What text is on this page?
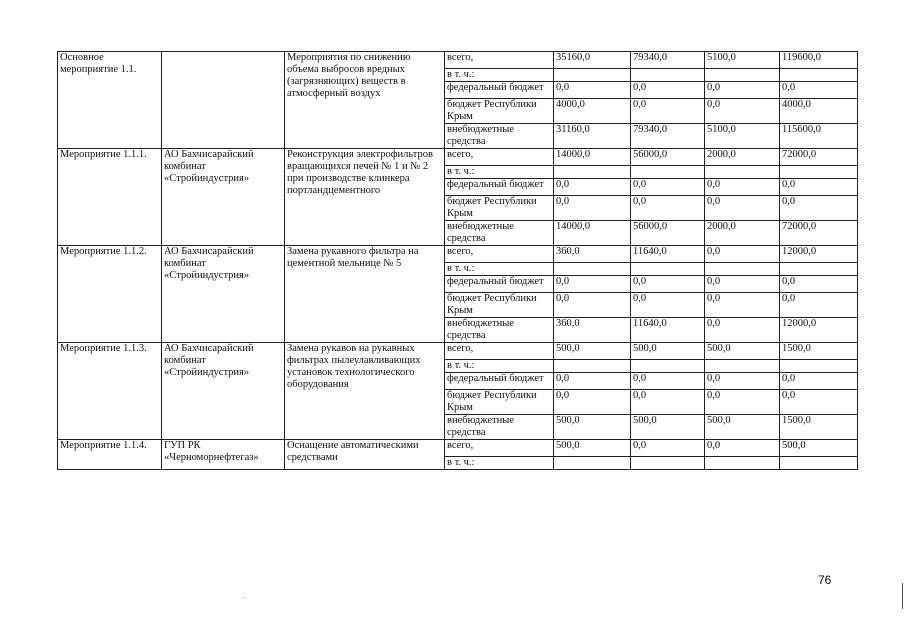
Основное мероприятие 1.1.		Мероприятия по снижению объема выбросов вредных (загрязняющих) веществ в атмосферный воздух	всего,	35160,0	79340,0	5100,0	119600,0
			в т. ч.:				
			федеральный бюджет	0,0	0,0	0,0	0,0
			бюджет Республики Крым	4000,0	0,0	0,0	4000,0
			внебюджетные средства	31160,0	79340,0	5100,0	115600,0
Мероприятие 1.1.1.	АО Бахчисарайский комбинат «Стройиндустрия»	Реконструкция электрофильтров вращающихся печей № 1 и № 2 при производстве клинкера портландцементного	всего,	14000,0	56000,0	2000,0	72000,0
			в т. ч.:				
			федеральный бюджет	0,0	0,0	0,0	0,0
			бюджет Республики Крым	0,0	0,0	0,0	0,0
			внебюджетные средства	14000,0	56000,0	2000,0	72000,0
Мероприятие 1.1.2.	АО Бахчисарайский комбинат «Стройиндустрия»	Замена рукавного фильтра на цементной мельнице № 5	всего,	360,0	11640,0	0,0	12000,0
			в т. ч.:				
			федеральный бюджет	0,0	0,0	0,0	0,0
			бюджет Республики Крым	0,0	0,0	0,0	0,0
			внебюджетные средства	360,0	11640,0	0,0	12000,0
Мероприятие 1.1.3.	АО Бахчисарайский комбинат «Стройиндустрия»	Замена рукавов на рукавных фильтрах пылеулавливающих установок технологического оборудования	всего,	500,0	500,0	500,0	1500,0
			в т. ч.:				
			федеральный бюджет	0,0	0,0	0,0	0,0
			бюджет Республики Крым	0,0	0,0	0,0	0,0
			внебюджетные средства	500,0	500,0	500,0	1500,0
Мероприятие 1.1.4.	ГУП РК «Черноморнефтегаз»	Оснащение автоматическими средствами	всего,	500,0	0,0	0,0	500,0
			в т. ч.:				
76
